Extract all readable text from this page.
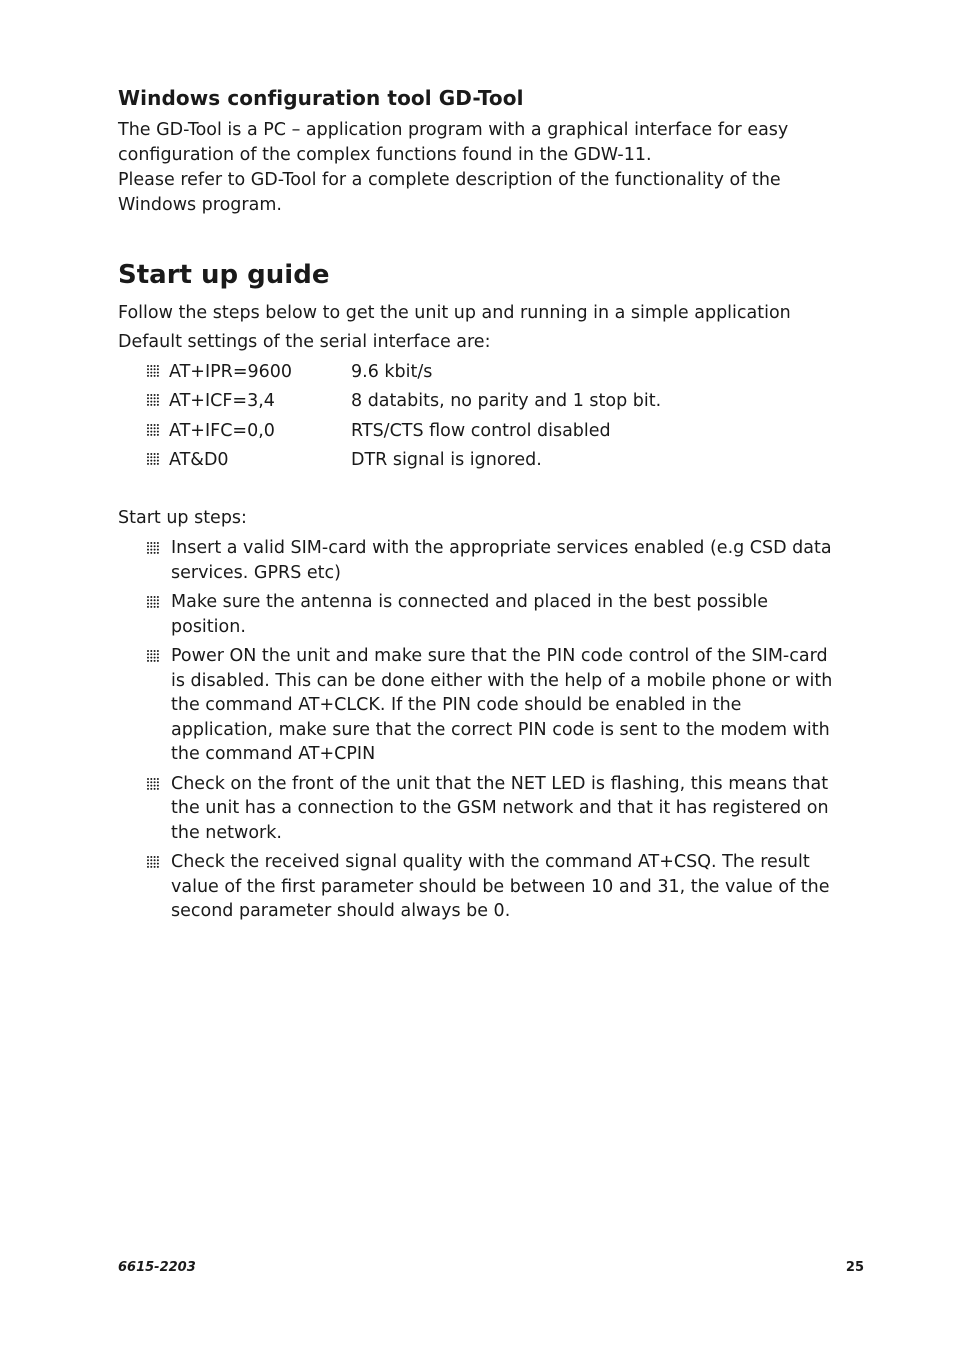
Windows configuration tool GD-Tool

The GD-Tool is a PC – application program with a graphical interface for easy configuration of the complex functions found in the GDW-11.

Please refer to GD-Tool for a complete description of the functionality of the Windows program.

Start up guide

Follow the steps below to get the unit up and running in a simple application

Default settings of the serial interface are:

AT+IPR=9600	9.6 kbit/s
AT+ICF=3,4	8 databits, no parity and 1 stop bit.
AT+IFC=0,0	RTS/CTS flow control disabled
AT&D0	DTR signal is ignored.

Start up steps:

Insert a valid SIM-card with the appropriate services enabled (e.g CSD data services. GPRS etc)
Make sure the antenna is connected and placed in the best possible position.
Power ON the unit and make sure that the PIN code control of the SIM-card is disabled. This can be done either with the help of a mobile phone or with the command AT+CLCK. If the PIN code should be enabled in the application, make sure that the correct PIN code is sent to the modem with the command AT+CPIN
Check on the front of the unit that the NET LED is flashing, this means that the unit has a connection to the GSM network and that it has registered on the network.
Check the received signal quality with the command AT+CSQ. The result value of the first parameter should be between 10 and 31, the value of the second parameter should always be 0.
6615-2203	25
